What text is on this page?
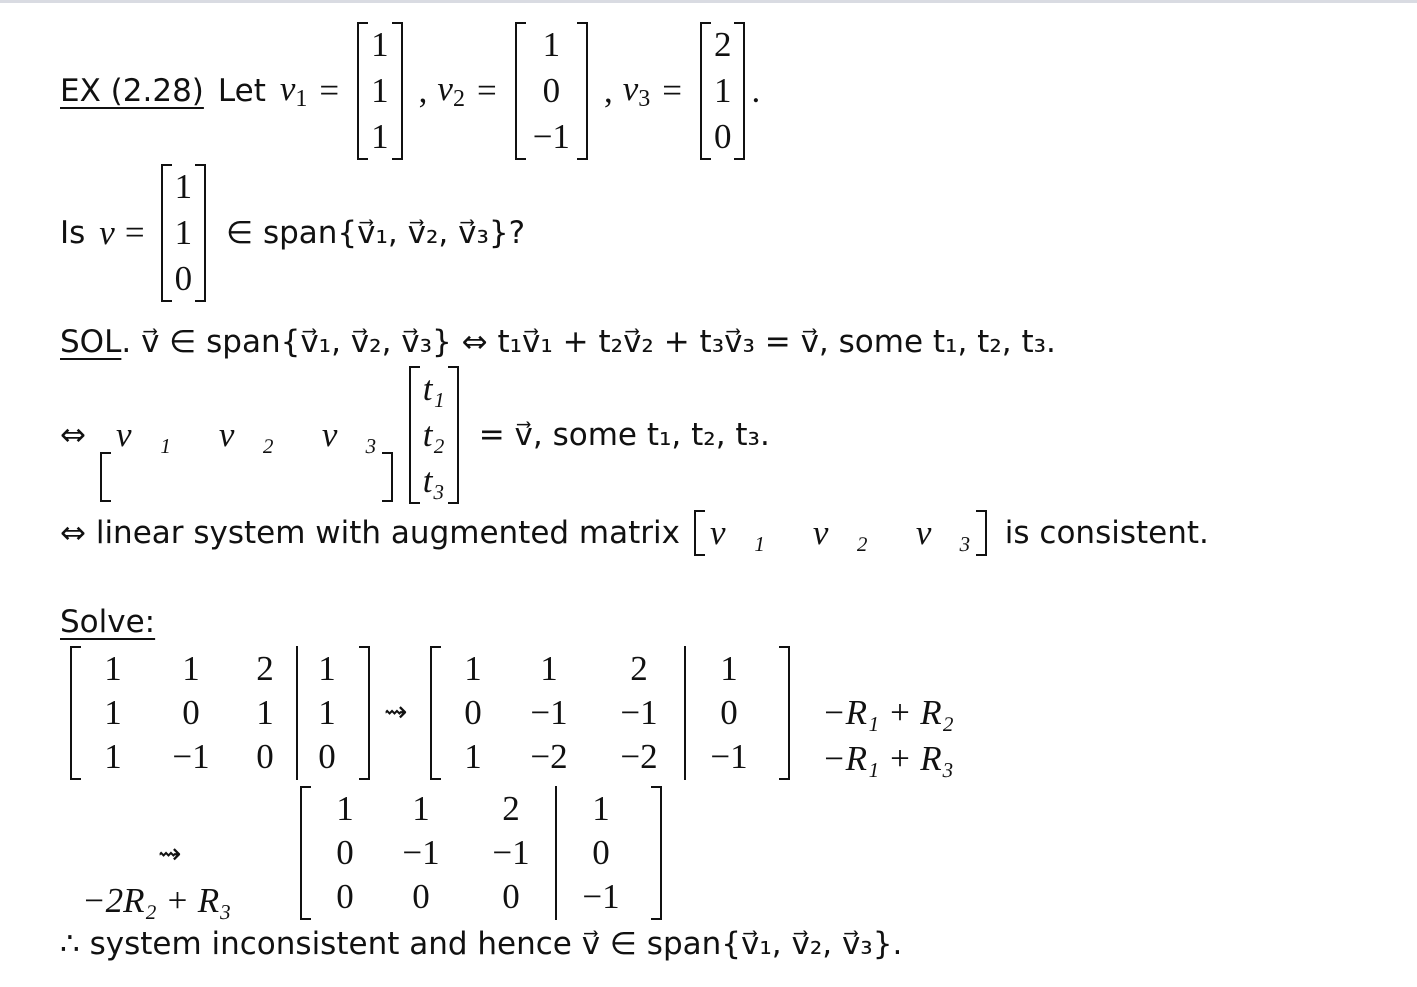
EX (2.28) Let $v_1$ =
1
1
1
, $v_2$ =
1
0
−1
, $v_3$ =
2
1
0
.
Is v =
1
1
0
∈ span{v⃗₁, v⃗₂, v⃗₃}?
SOL . v⃗ ∈ span{v⃗₁, v⃗₂, v⃗₃} ⇔ t₁v⃗₁ + t₂v⃗₂ + t₃v⃗₃ = v⃗, some t₁, t₂, t₃.
⇔ v⃗₁ v⃗₂ v⃗₃
t₁
t₂
t₃
= v⃗, some t₁, t₂, t₃.
⇔ linear system with augmented matrix v⃗₁ v⃗₂ v⃗₃ is consistent.
Solve:
1	1	2	1
1	0	1	1
1	−1	0	0
⇝
1	1	2	1
0	−1	−1	0
1	−2	−2	−1
−R₁ + R₂
−R₁ + R₃
⇝
−2R₂ + R₃
1	1	2	1
0	−1	−1	0
0	0	0	−1
∴ system inconsistent and hence v⃗ ∈ span{v⃗₁, v⃗₂, v⃗₃}.
